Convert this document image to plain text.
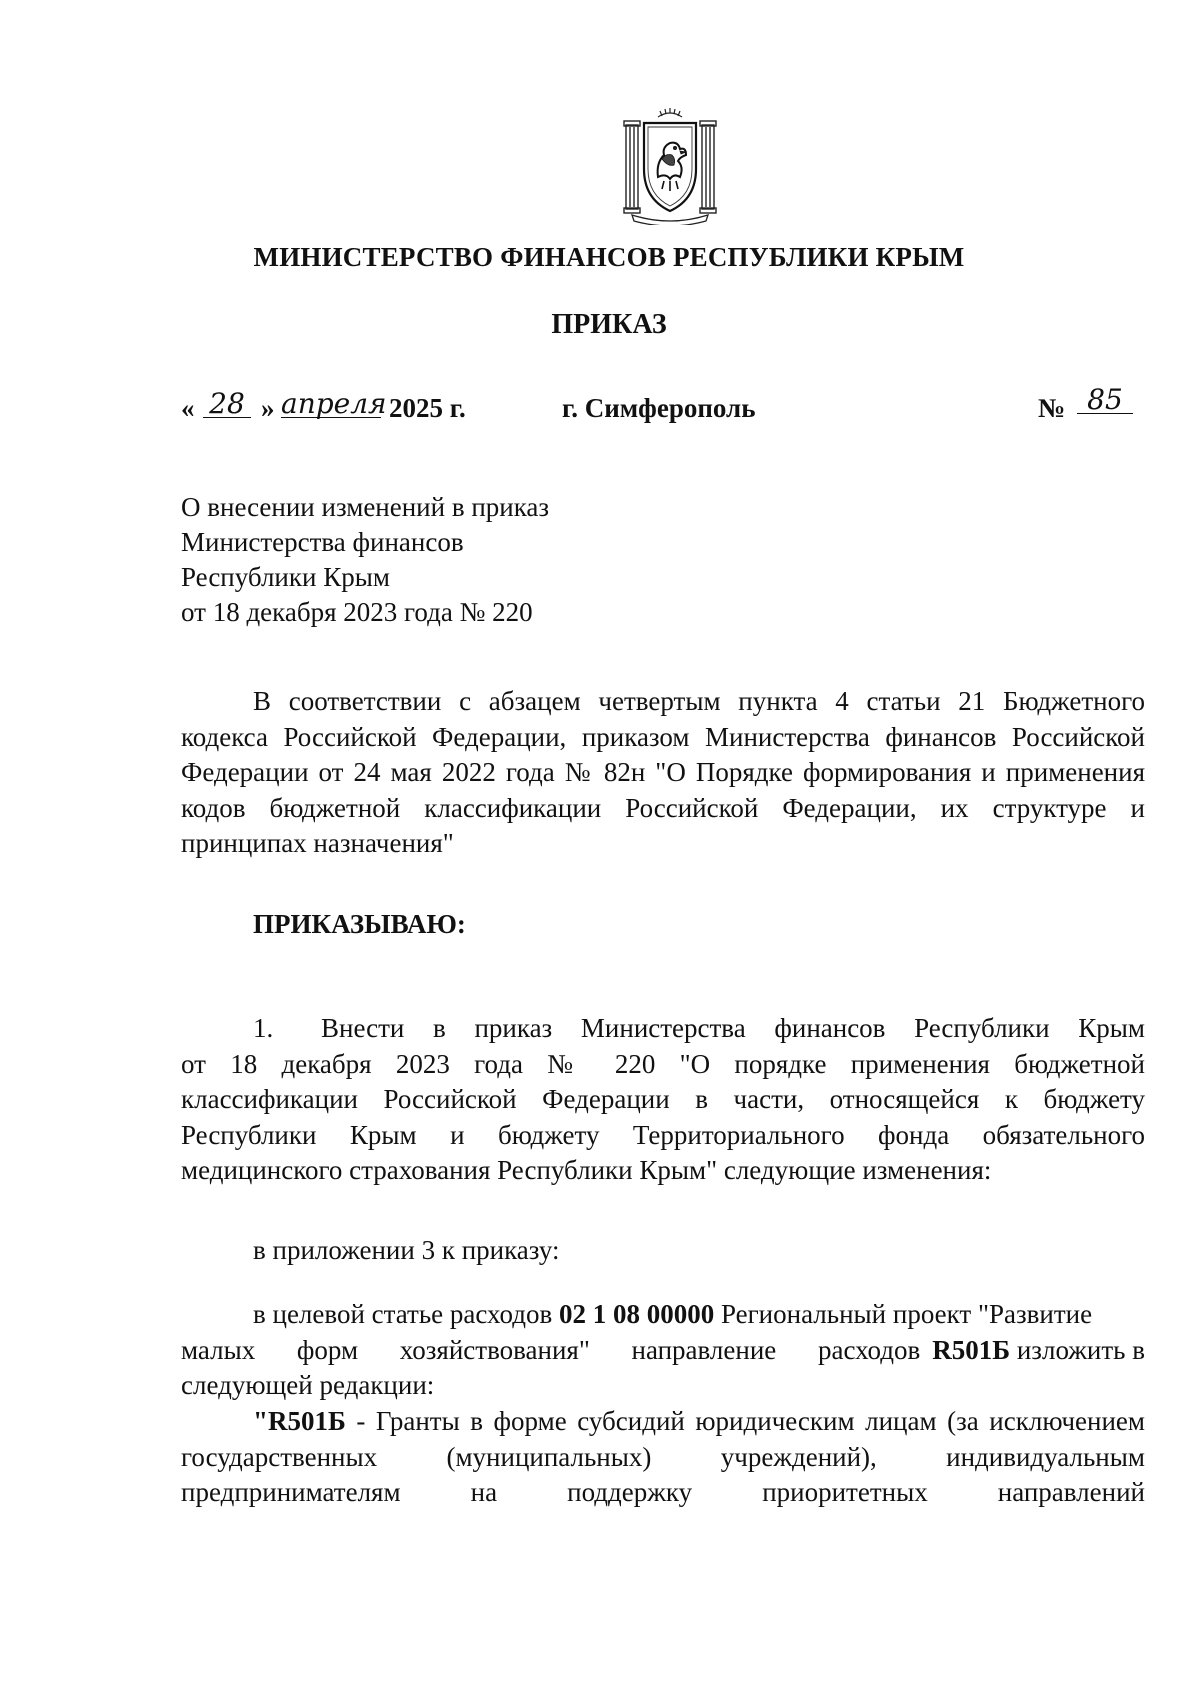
МИНИСТЕРСТВО ФИНАНСОВ РЕСПУБЛИКИ КРЫМ
ПРИКАЗ
« 28 » апреля 2025 г.	г. Симферополь	№ 85
О внесении изменений в приказ
Министерства финансов
Республики Крым
от 18 декабря 2023 года № 220
В соответствии с абзацем четвертым пункта 4 статьи 21 Бюджетного
кодекса Российской Федерации, приказом Министерства финансов Российской
Федерации от 24 мая 2022 года № 82н "О Порядке формирования и применения
кодов бюджетной классификации Российской Федерации, их структуре и
принципах назначения"
ПРИКАЗЫВАЮ:
1.	Внести в приказ Министерства финансов Республики Крым
от 18 декабря 2023 года № 220 "О порядке применения бюджетной
классификации Российской Федерации в части, относящейся к бюджету
Республики Крым и бюджету Территориального фонда обязательного
медицинского страхования Республики Крым" следующие изменения:
в приложении 3 к приказу:
в целевой статье расходов 02 1 08 00000 Региональный проект "Развитие
малых форм хозяйствования" направление расходов R501Б изложить в
следующей редакции:
"R501Б - Гранты в форме субсидий юридическим лицам (за исключением
государственных (муниципальных) учреждений), индивидуальным
предпринимателям на поддержку приоритетных направлений
